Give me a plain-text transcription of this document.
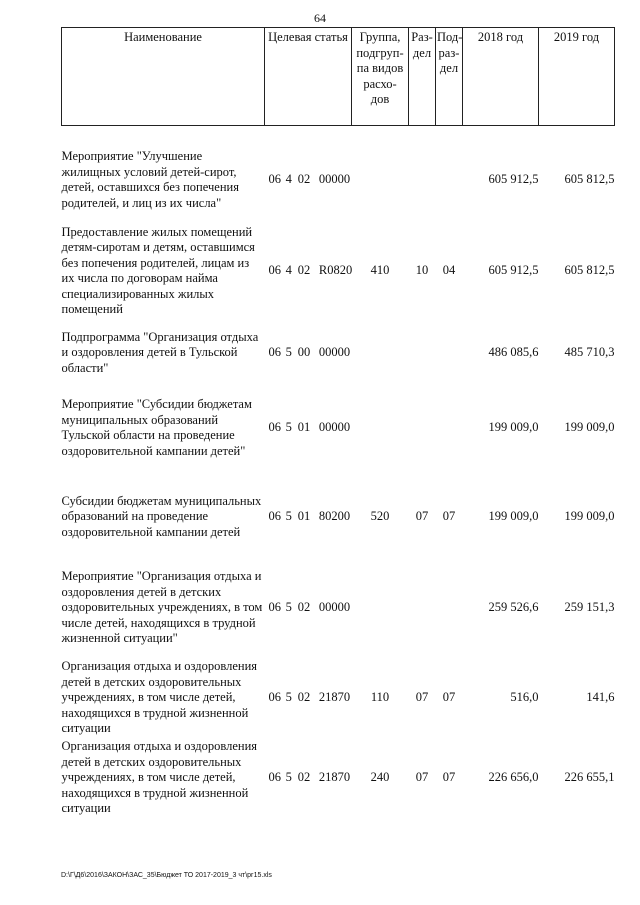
64
Наименование	Целевая статья	Группа, подгруп- па видов расхо- дов	Раз- дел	Под- раз- дел	2018 год	2019 год

Мероприятие "Улучшение жилищных условий детей-сирот, детей, оставшихся без попечения родителей, и лиц из их числа"	06 4 02 00000				605 912,5	605 812,5
Предоставление жилых помещений детям-сиротам и детям, оставшимся без попечения родителей, лицам из их числа по договорам найма специализированных жилых помещений	06 4 02 R0820	410	10	04	605 912,5	605 812,5
Подпрограмма "Организация отдыха и оздоровления детей в Тульской области"	06 5 00 00000				486 085,6	485 710,3
Мероприятие "Субсидии бюджетам муниципальных образований Тульской области на проведение оздоровительной кампании детей"	06 5 01 00000				199 009,0	199 009,0
Субсидии бюджетам муниципальных образований на проведение оздоровительной кампании детей	06 5 01 80200	520	07	07	199 009,0	199 009,0
Мероприятие "Организация отдыха и оздоровления детей в детских оздоровительных учреждениях, в том числе детей, находящихся в трудной жизненной ситуации"	06 5 02 00000				259 526,6	259 151,3
Организация отдыха и оздоровления детей в детских оздоровительных учреждениях, в том числе детей, находящихся в трудной жизненной ситуации	06 5 02 21870	110	07	07	516,0	141,6
Организация отдыха и оздоровления детей в детских оздоровительных учреждениях, в том числе детей, находящихся в трудной жизненной ситуации	06 5 02 21870	240	07	07	226 656,0	226 655,1
D:\Г\Д6\2016\ЗАКОН\ЗАС_35\Бюджет ТО 2017-2019_3 чт\рг15.xls
